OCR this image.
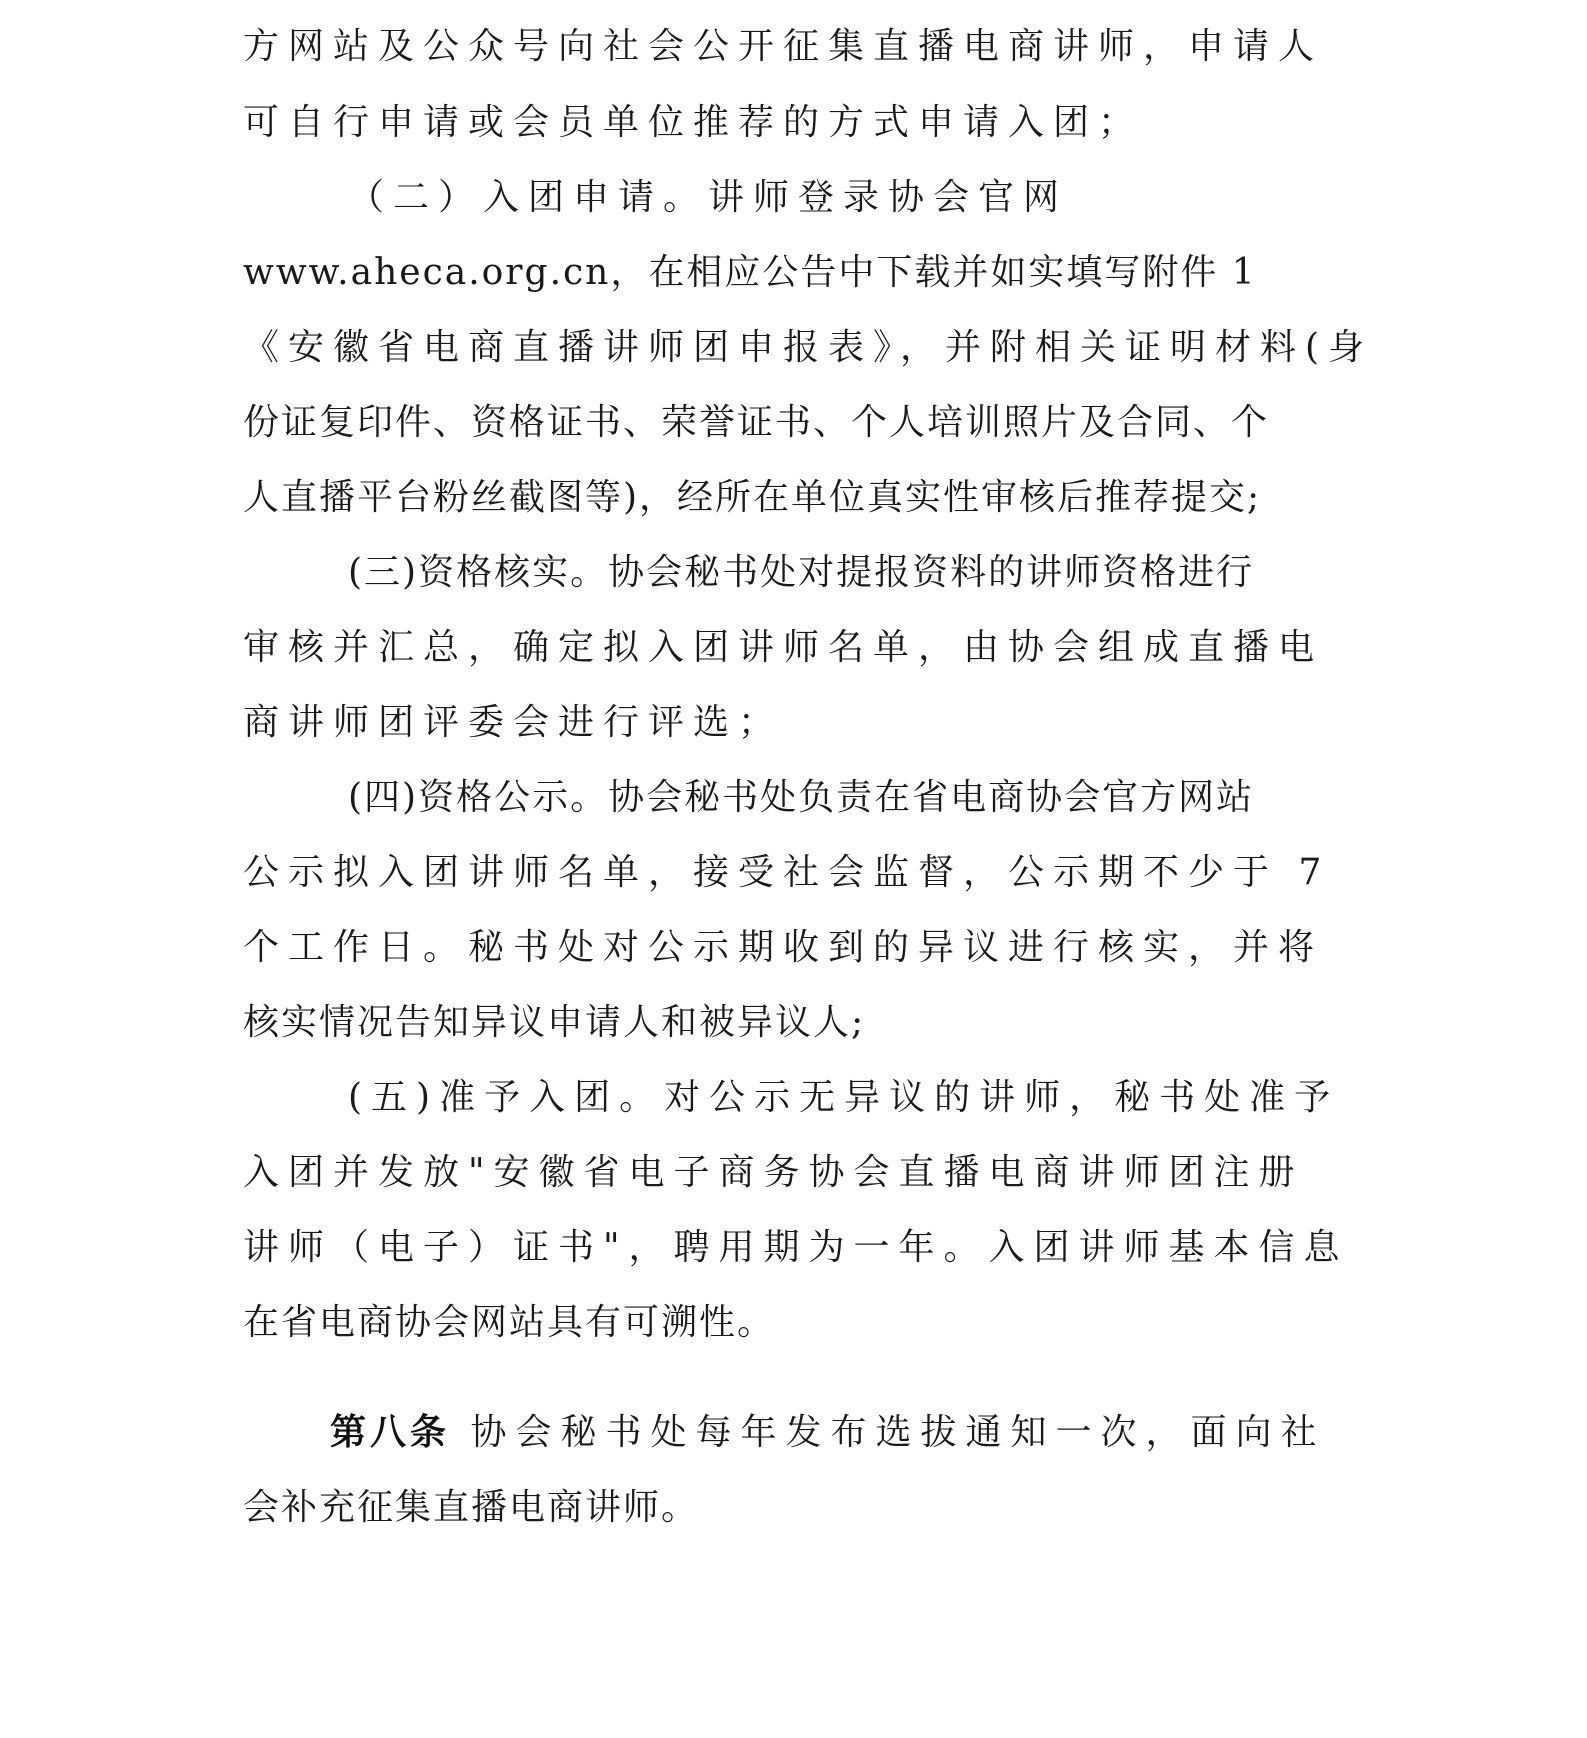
方网站及公众号向社会公开征集直播电商讲师，申请人
可自行申请或会员单位推荐的方式申请入团；
（二）入团申请。讲师登录协会官网
www.aheca.org.cn，在相应公告中下载并如实填写附件 1
《安徽省电商直播讲师团申报表》，并附相关证明材料(身
份证复印件、资格证书、荣誉证书、个人培训照片及合同、个
人直播平台粉丝截图等)，经所在单位真实性审核后推荐提交;
(三)资格核实。协会秘书处对提报资料的讲师资格进行
审核并汇总，确定拟入团讲师名单，由协会组成直播电
商讲师团评委会进行评选；
(四)资格公示。协会秘书处负责在省电商协会官方网站
公示拟入团讲师名单，接受社会监督，公示期不少于 7
个工作日。秘书处对公示期收到的异议进行核实，并将
核实情况告知异议申请人和被异议人;
(五)准予入团。对公示无异议的讲师，秘书处准予
入团并发放"安徽省电子商务协会直播电商讲师团注册
讲师（电子）证书"，聘用期为一年。入团讲师基本信息
在省电商协会网站具有可溯性。
第八条 协会秘书处每年发布选拔通知一次，面向社
会补充征集直播电商讲师。
